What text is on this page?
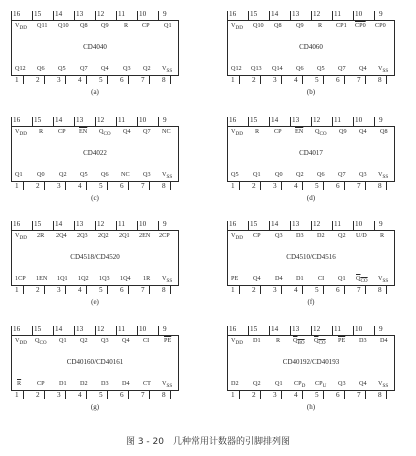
16 15 14 13 12 11 10 9
$V_{DD}$ Q11 Q10 Q8 Q9 R CP Q1
CD4040
Q12 Q6 Q5 Q7 Q4 Q3 Q2 $V_{SS}$
1 2 3 4 5 6 7 8
(a)
16 15 14 13 12 11 10 9
$V_{DD}$ Q10 Q8 Q9 R CP1 CP0 CP0
CD4060
Q12 Q13 Q14 Q6 Q5 Q7 Q4 $V_{SS}$
1 2 3 4 5 6 7 8
(b)
16 15 14 13 12 11 10 9
$V_{DD}$ R CP $\overline{EN}$ $Q_{CO}$ Q4 Q7 NC
CD4022
Q1 Q0 Q2 Q5 Q6 NC Q3 $V_{SS}$
1 2 3 4 5 6 7 8
(c)
16 15 14 13 12 11 10 9
$V_{DD}$ R CP $\overline{EN}$ $Q_{CO}$ Q9 Q4 Q8
CD4017
Q5 Q1 Q0 Q2 Q6 Q7 Q3 $V_{SS}$
1 2 3 4 5 6 7 8
(d)
16 15 14 13 12 11 10 9
$V_{DD}$ 2R 2Q4 2Q3 2Q2 2Q1 2EN 2CP
CD4518/CD4520
1CP 1EN 1Q1 1Q2 1Q3 1Q4 1R $V_{SS}$
1 2 3 4 5 6 7 8
(e)
16 15 14 13 12 11 10 9
$V_{DD}$ CP Q3 D3 D2 Q2 U/D R
CD4510/CD4516
PE Q4 D4 D1 CI Q1 $Q_{CO}$ $V_{SS}$
1 2 3 4 5 6 7 8
(f)
16 15 14 13 12 11 10 9
$V_{DD}$ $Q_{CO}$ Q1 Q2 Q3 Q4 CI $\overline{PE}$
CD40160/CD40161
$\overline{R}$	CP D1 D2 D3 D4 CT $V_{SS}$
1 2 3 4 5 6 7 8
(g)
16 15 14 13 12 11 10 9
$V_{DD}$ D1 R $Q_{BO}$ $Q_{CO}$ $\overline{PE}$ D3 D4
CD40192/CD40193
D2 Q2 Q1 $CP_D$ $CP_U$ Q3 Q4 $V_{SS}$
1 2 3 4 5 6 7 8
(h)
图 3 - 20　几种常用计数器的引脚排列图
